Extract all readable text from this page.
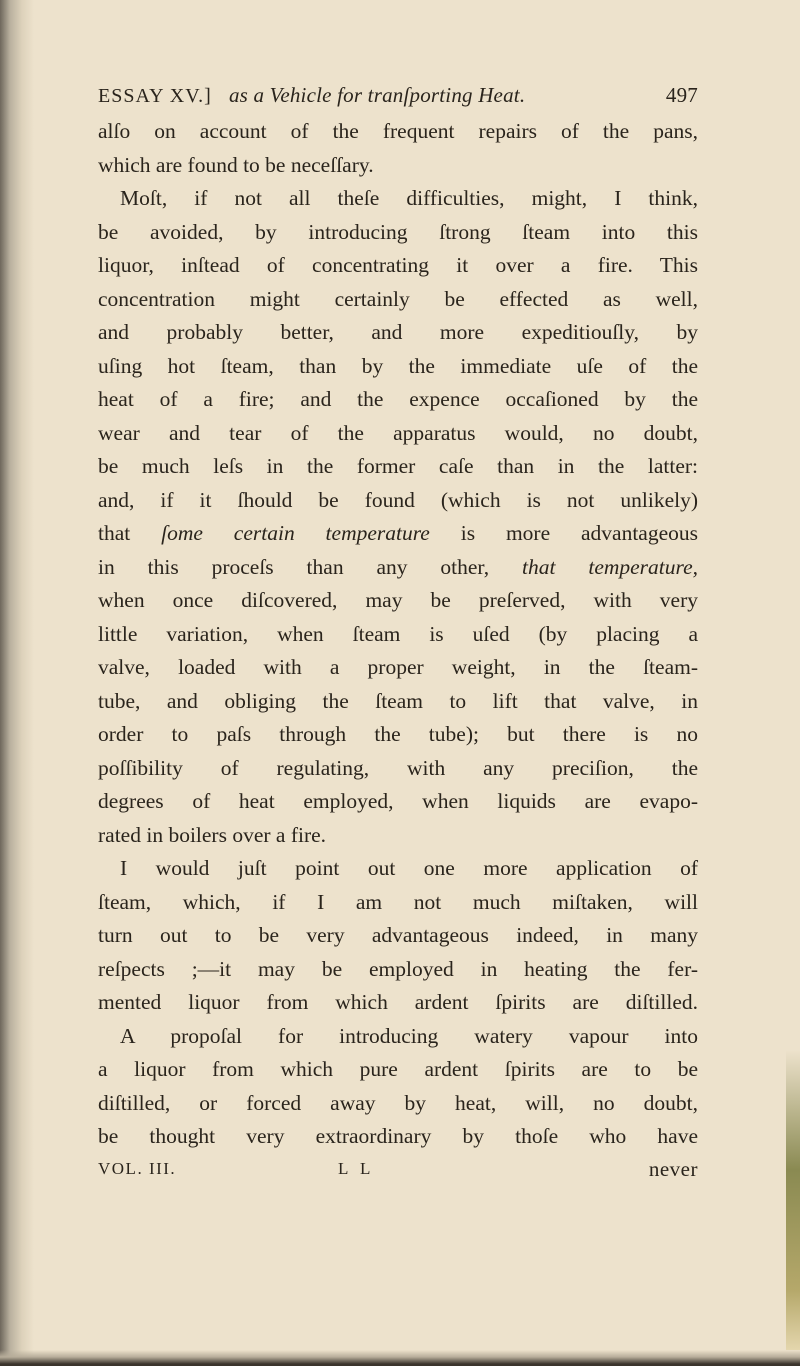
ESSAY XV.] as a Vehicle for tranſporting Heat.	497
alſo on account of the frequent repairs of the pans,
which are found to be neceſſary.
Moſt, if not all theſe difficulties, might, I think,
be avoided, by introducing ſtrong ſteam into this
liquor, inſtead of concentrating it over a fire. This
concentration might certainly be effected as well,
and probably better, and more expeditiouſly, by
uſing hot ſteam, than by the immediate uſe of the
heat of a fire; and the expence occaſioned by the
wear and tear of the apparatus would, no doubt,
be much leſs in the former caſe than in the latter:
and, if it ſhould be found (which is not unlikely)
that ſome certain temperature is more advantageous
in this proceſs than any other, that temperature,
when once diſcovered, may be preſerved, with very
little variation, when ſteam is uſed (by placing a
valve, loaded with a proper weight, in the ſteam-
tube, and obliging the ſteam to lift that valve, in
order to paſs through the tube); but there is no
poſſibility of regulating, with any preciſion, the
degrees of heat employed, when liquids are evapo-
rated in boilers over a fire.
I would juſt point out one more application of
ſteam, which, if I am not much miſtaken, will
turn out to be very advantageous indeed, in many
reſpects ;—it may be employed in heating the fer-
mented liquor from which ardent ſpirits are diſtilled.
A propoſal for introducing watery vapour into
a liquor from which pure ardent ſpirits are to be
diſtilled, or forced away by heat, will, no doubt,
be thought very extraordinary by thoſe who have
VOL. III.	L L	never
